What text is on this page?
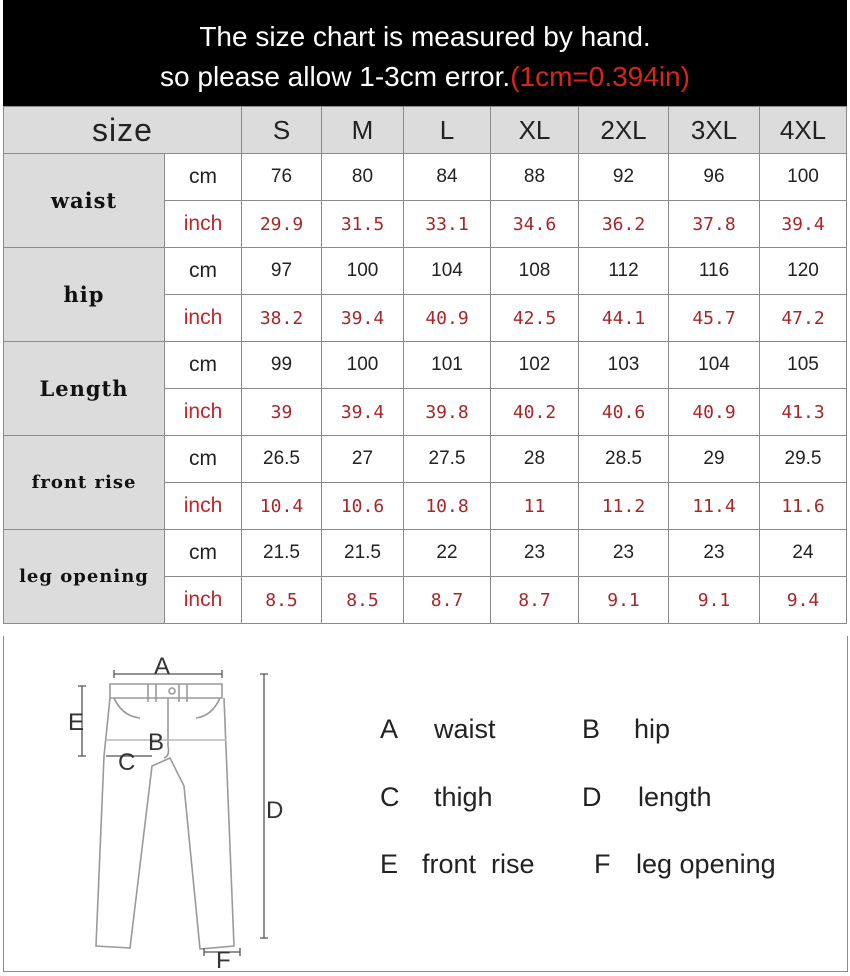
The size chart is measured by hand.
so please allow 1-3cm error.(1cm=0.394in)
size		S	M	L	XL	2XL	3XL	4XL
waist	cm	76	80	84	88	92	96	100
	inch	29.9	31.5	33.1	34.6	36.2	37.8	39.4
hip	cm	97	100	104	108	112	116	120
	inch	38.2	39.4	40.9	42.5	44.1	45.7	47.2
Length	cm	99	100	101	102	103	104	105
	inch	39	39.4	39.8	40.2	40.6	40.9	41.3
front rise	cm	26.5	27	27.5	28	28.5	29	29.5
	inch	10.4	10.6	10.8	11	11.2	11.4	11.6
leg opening	cm	21.5	21.5	22	23	23	23	24
	inch	8.5	8.5	8.7	8.7	9.1	9.1	9.4
A
B
C
D
E
F
A waist	B hip
C thigh	D length
E front  rise F leg opening
